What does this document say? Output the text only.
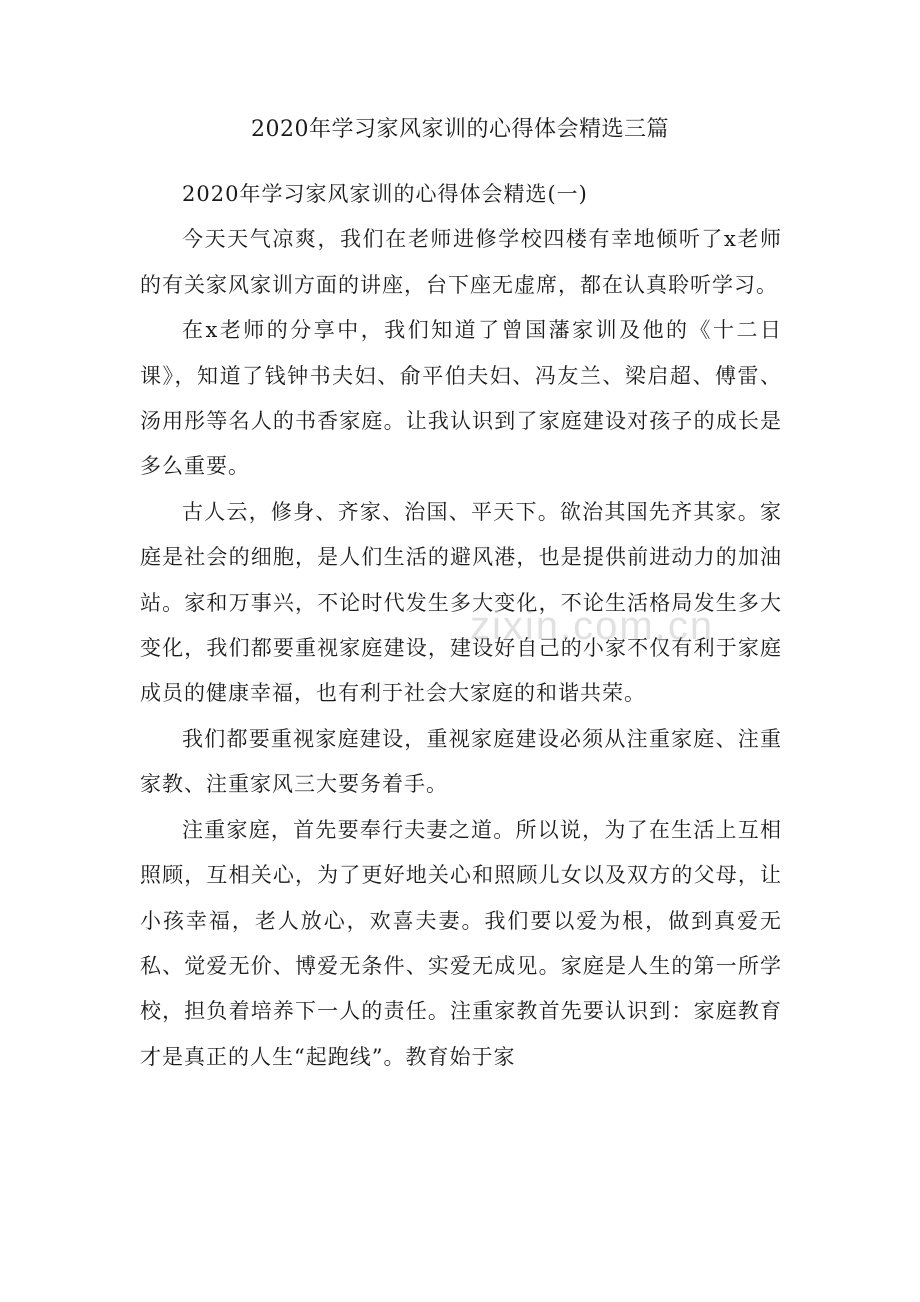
2020年学习家风家训的心得体会精选三篇

2020年学习家风家训的心得体会精选(一)

今天天气凉爽，我们在老师进修学校四楼有幸地倾听了x老师的有关家风家训方面的讲座，台下座无虚席，都在认真聆听学习。

在x老师的分享中，我们知道了曾国藩家训及他的《十二日课》，知道了钱钟书夫妇、俞平伯夫妇、冯友兰、梁启超、傅雷、汤用彤等名人的书香家庭。让我认识到了家庭建设对孩子的成长是多么重要。

古人云，修身、齐家、治国、平天下。欲治其国先齐其家。家庭是社会的细胞，是人们生活的避风港，也是提供前进动力的加油站。家和万事兴，不论时代发生多大变化，不论生活格局发生多大变化，我们都要重视家庭建设，建设好自己的小家不仅有利于家庭成员的健康幸福，也有利于社会大家庭的和谐共荣。

我们都要重视家庭建设，重视家庭建设必须从注重家庭、注重家教、注重家风三大要务着手。

注重家庭，首先要奉行夫妻之道。所以说，为了在生活上互相照顾，互相关心，为了更好地关心和照顾儿女以及双方的父母，让小孩幸福，老人放心，欢喜夫妻。我们要以爱为根，做到真爱无私、觉爱无价、博爱无条件、实爱无成见。家庭是人生的第一所学校，担负着培养下一人的责任。注重家教首先要认识到：家庭教育才是真正的人生“起跑线”。教育始于家

zixin.com.cn
